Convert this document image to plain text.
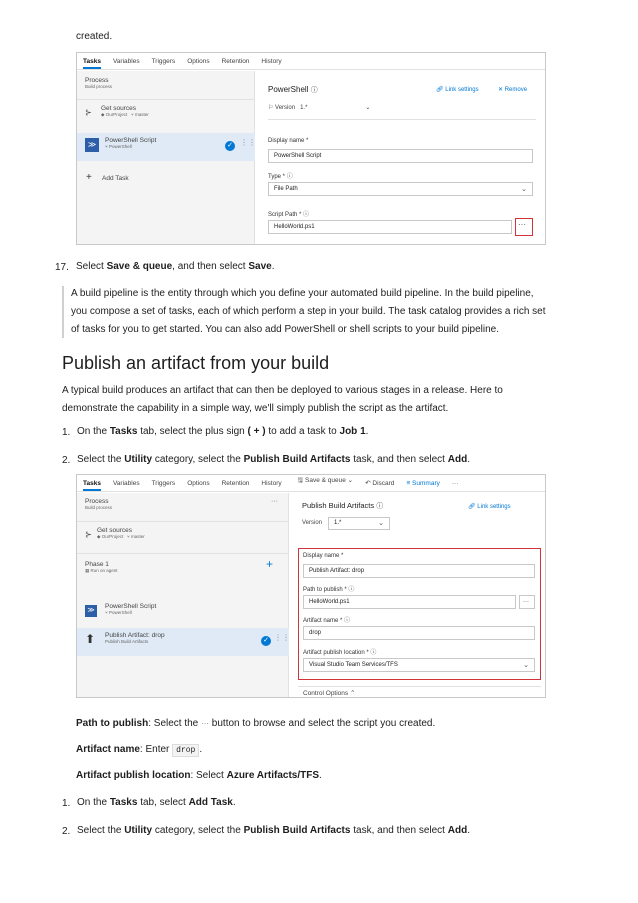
created.
Tasks Variables Triggers Options Retention History
Process
Build process
⊱ Get sources
◆ OurProject ⑂ master
≫	PowerShell Script
⑂ PowerShell	✓ ⋮⋮
+ Add Task
PowerShell ⓘ	🔗︎ Link settings	✕ Remove
⚐ Version 1.*	⌄
Display name *
PowerShell Script
Type * ⓘ
File Path	⌄
Script Path * ⓘ
HelloWorld.ps1	···
17. Select Save & queue, and then select Save.
A build pipeline is the entity through which you define your automated build pipeline. In the build pipeline, you compose a set of tasks, each of which perform a step in your build. The task catalog provides a rich set of tasks for you to get started. You can also add PowerShell or shell scripts to your build pipeline.
Publish an artifact from your build
A typical build produces an artifact that can then be deployed to various stages in a release. Here to demonstrate the capability in a simple way, we'll simply publish the script as the artifact.
1. On the Tasks tab, select the plus sign ( + ) to add a task to Job 1.
2. Select the Utility category, select the Publish Build Artifacts task, and then select Add.
Tasks Variables Triggers Options Retention History 🖫︎ Save & queue ⌄ ↶ Discard ≡ Summary ···
Process
Build process
···
⊱ Get sources
◆ OurProject ⑂ master
Phase 1
▦ Run on agent	+
≫
PowerShell Script
⑂ PowerShell
⬆ Publish Artifact: drop
Publish Build Artifacts	✓ ⋮⋮
Publish Build Artifacts ⓘ	🔗︎ Link settings
Version	1.*	⌄
Display name *
Publish Artifact: drop
Path to publish * ⓘ
HelloWorld.ps1	···
Artifact name * ⓘ
drop
Artifact publish location * ⓘ
Visual Studio Team Services/TFS	⌄
Control Options ⌃
Path to publish: Select the ··· button to browse and select the script you created.
Artifact name: Enter drop .
Artifact publish location: Select Azure Artifacts/TFS.
1. On the Tasks tab, select Add Task.
2. Select the Utility category, select the Publish Build Artifacts task, and then select Add.
